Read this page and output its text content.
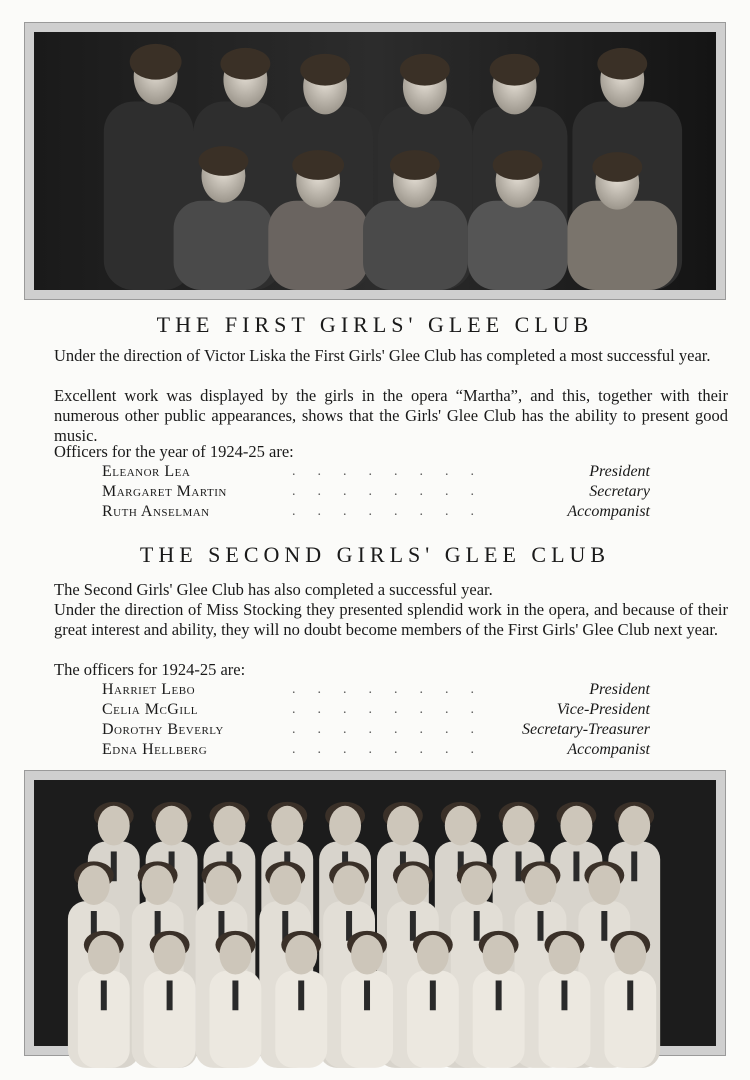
THE FIRST GIRLS' GLEE CLUB

Under the direction of Victor Liska the First Girls' Glee Club has completed a most successful year.

Excellent work was displayed by the girls in the opera “Martha”, and this, together with their numerous other public appearances, shows that the Girls' Glee Club has the ability to present good music.

Officers for the year of 1924-25 are:

Eleanor Lea	........	President
Margaret Martin	........	Secretary
Ruth Anselman	........	Accompanist
THE SECOND GIRLS' GLEE CLUB

The Second Girls' Glee Club has also completed a successful year.

Under the direction of Miss Stocking they presented splendid work in the opera, and because of their great interest and ability, they will no doubt become members of the First Girls' Glee Club next year.

The officers for 1924-25 are:

Harriet Lebo	........	President
Celia McGill	........	Vice-President
Dorothy Beverly	........ Secretary-Treasurer
Edna Hellberg	........	Accompanist
